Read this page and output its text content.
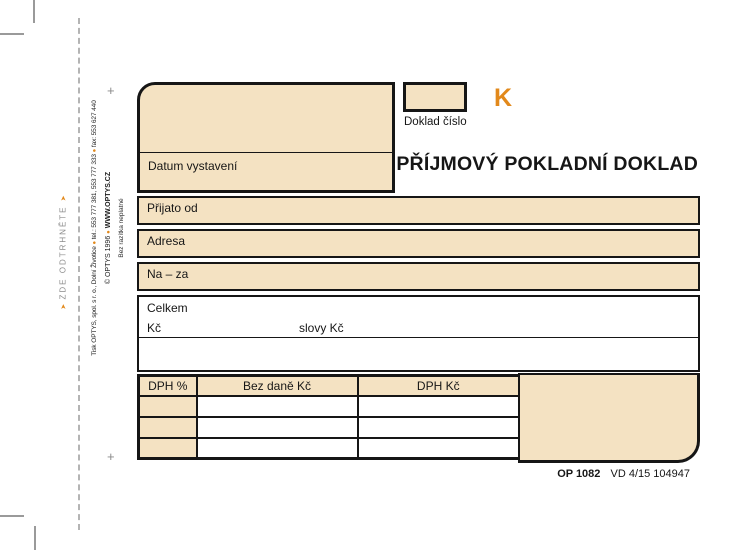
+
+
➤ ZDE ODTRHNĚTE ➤
Tisk OPTYS, spol. s r. o., Dolní Životice ● tel.: 553 777 381, 553 777 333 ● fax: 553 627 440
© OPTYS 1996 ● WWW.OPTYS.CZ Bez razítka neplatné
Datum vystavení
Doklad číslo
K
PŘÍJMOVÝ POKLADNÍ DOKLAD
Přijato od
Adresa
Na – za
Celkem
Kč	slovy Kč
DPH %	Bez daně Kč	DPH Kč

OP 1082 VD 4/15 104947
